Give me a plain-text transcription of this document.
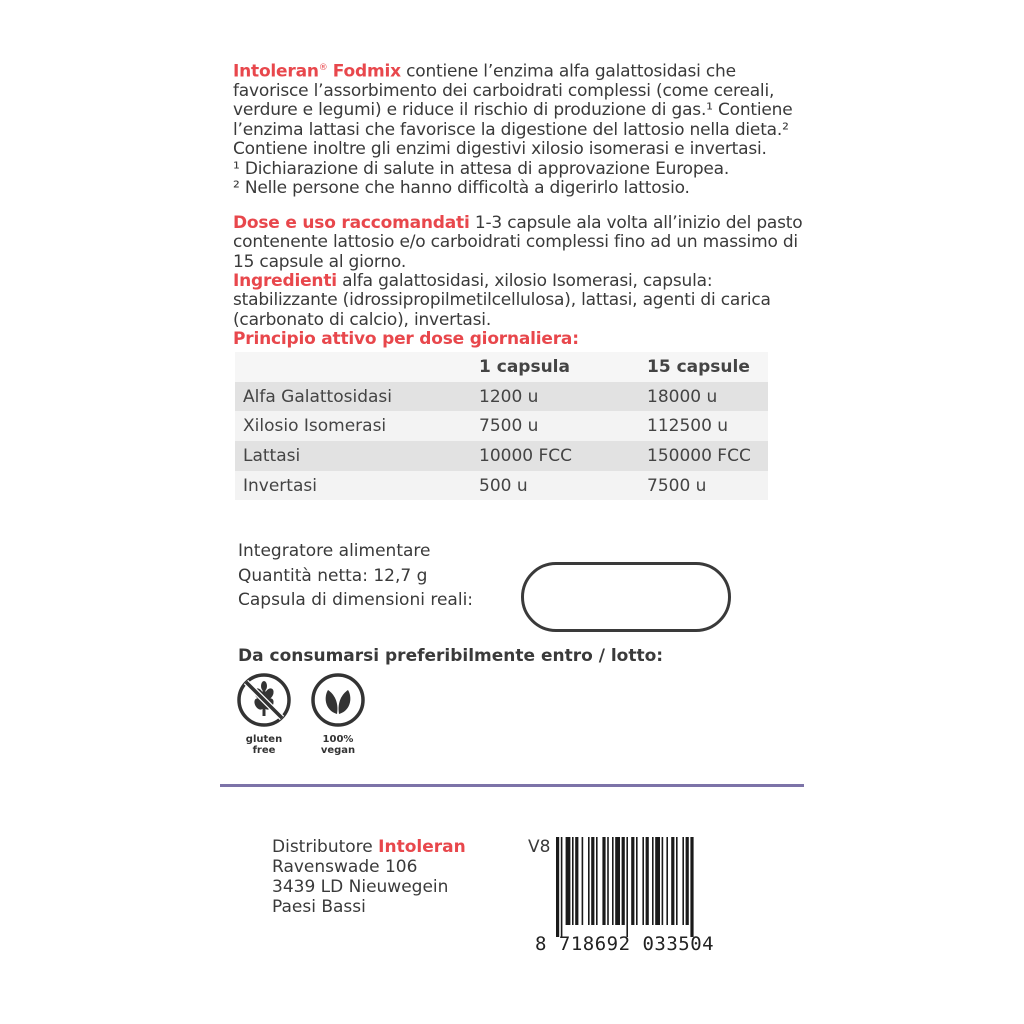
Intoleran® Fodmix contiene l’enzima alfa galattosidasi che favorisce l’assorbimento dei carboidrati complessi (come cereali, verdure e legumi) e riduce il rischio di produzione di gas.¹ Contiene l’enzima lattasi che favorisce la digestione del lattosio nella dieta.² Contiene inoltre gli enzimi digestivi xilosio isomerasi e invertasi.
¹ Dichiarazione di salute in attesa di approvazione Europea.
² Nelle persone che hanno difficoltà a digerirlo lattosio.
Dose e uso raccomandati 1-3 capsule ala volta all’inizio del pasto contenente lattosio e/o carboidrati complessi fino ad un massimo di 15 capsule al giorno.
Ingredienti alfa galattosidasi, xilosio Isomerasi, capsula: stabilizzante (idrossipropilmetilcellulosa), lattasi, agenti di carica (carbonato di calcio), invertasi.
Principio attivo per dose giornaliera:
	1 capsula	15 capsule
Alfa Galattosidasi	1200 u	18000 u
Xilosio Isomerasi	7500 u	112500 u
Lattasi	10000 FCC	150000 FCC
Invertasi	500 u	7500 u
Integratore alimentare
Quantità netta: 12,7 g
Capsula di dimensioni reali:
Da consumarsi preferibilmente entro / lotto:
gluten
free
100%
vegan
Distributore Intoleran
Ravenswade 106
3439 LD Nieuwegein
Paesi Bassi
V8
8 718692 033504
